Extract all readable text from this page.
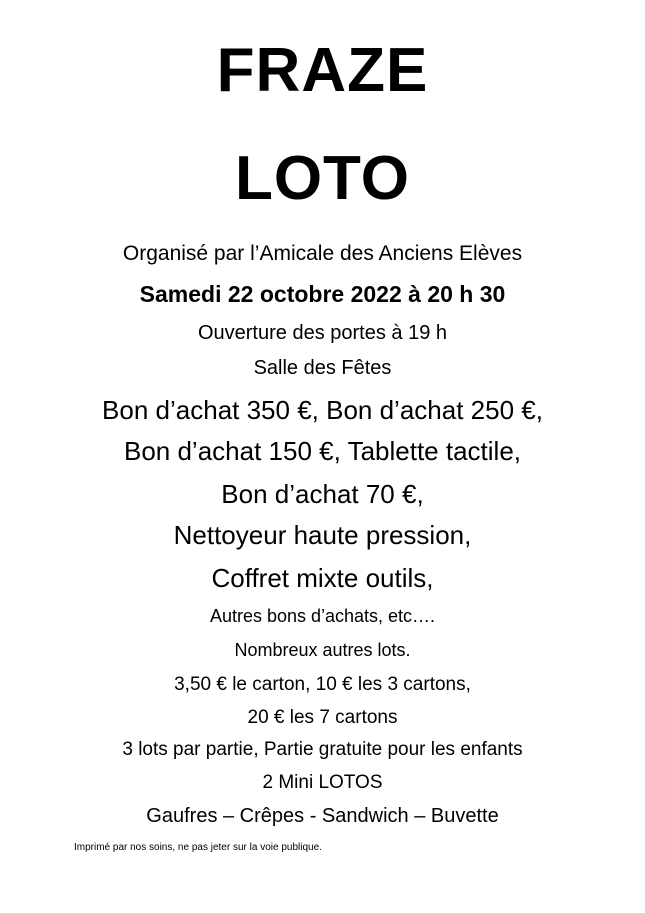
FRAZE
LOTO
Organisé par l’Amicale des Anciens Elèves
Samedi 22 octobre 2022 à 20 h 30
Ouverture des portes à 19 h
Salle des Fêtes
Bon d’achat 350 €, Bon d’achat 250 €,
Bon d’achat 150 €, Tablette tactile,
Bon d’achat 70 €,
Nettoyeur haute pression,
Coffret mixte outils,
Autres bons d’achats, etc….
Nombreux autres lots.
3,50 € le carton, 10 € les 3 cartons,
20 € les 7 cartons
3 lots par partie, Partie gratuite pour les enfants
2 Mini LOTOS
Gaufres – Crêpes - Sandwich – Buvette
Imprimé par nos soins, ne pas jeter sur la voie publique.
